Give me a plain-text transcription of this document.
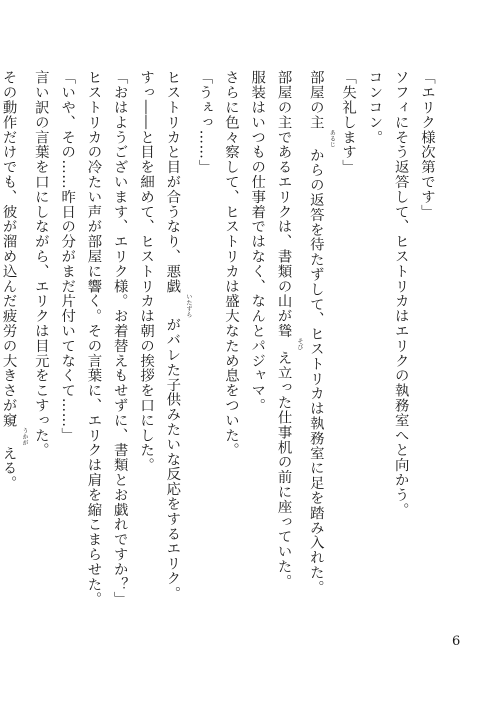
「エリク様次第です」
ソフィにそう返答して、ヒストリカはエリクの執務室へと向かう。
コンコン。
「失礼します」
部屋の主あるじからの返答を待たずして、ヒストリカは執務室に足を踏み入れた。
部屋の主であるエリクは、書類の山が聳そびえ立った仕事机の前に座っていた。
服装はいつもの仕事着ではなく、なんとパジャマ。
さらに色々察して、ヒストリカは盛大なため息をついた。
「うぇっ……」
ヒストリカと目が合うなり、悪戯いたずらがバレた子供みたいな反応をするエリク。
すっ――と目を細めて、ヒストリカは朝の挨拶を口にした。
「おはようございます、エリク様。お着替えもせずに、書類とお戯れですか？」
ヒストリカの冷たい声が部屋に響く。その言葉に、エリクは肩を縮こまらせた。
「いや、その……昨日の分がまだ片付いてなくて……」
言い訳の言葉を口にしながら、エリクは目元をこすった。
その動作だけでも、彼が溜め込んだ疲労の大きさが窺うかがえる。
6
